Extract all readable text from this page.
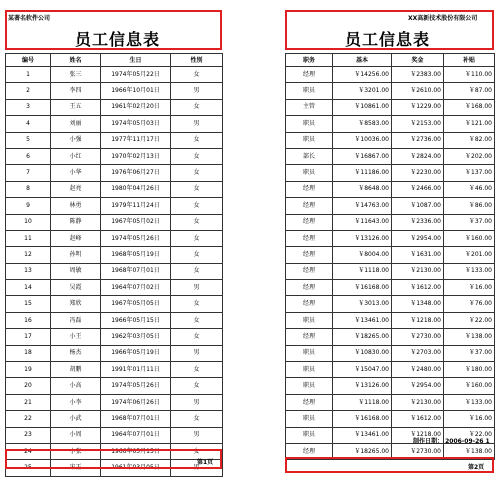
某著名软件公司
员工信息表
编号	姓名	生日	性别
1	张三	1974年05月22日	女
2	李四	1966年10月01日	男
3	王五	1961年02月20日	女
4	刘丽	1974年05月03日	男
5	小强	1977年11月17日	女
6	小红	1970年02月13日	女
7	小华	1976年06月27日	女
8	赵亮	1980年04月26日	女
9	林勇	1979年11月24日	女
10	陈静	1967年05月02日	女
11	赵峰	1974年05月26日	女
12	孙明	1968年05月19日	女
13	周敏	1968年07月01日	女
14	吴霞	1964年07月02日	男
15	郑欣	1967年05月05日	女
16	冯磊	1966年05月15日	女
17	小王	1962年03月05日	女
18	杨杰	1966年05月19日	男
19	胡鹏	1991年01月11日	女
20	小高	1974年05月26日	女
21	小李	1974年06月26日	男
22	小武	1968年07月01日	女
23	小周	1964年07月01日	男
24	小张	1966年05月15日	女
25	宋玉	1961年03月05日	男
第1页
XX高新技术股份有限公司
员工信息表
职务	基本	奖金	补贴
经理	￥14256.00	￥2383.00	￥110.00
职员	￥3201.00	￥2610.00	￥87.00
主管	￥10861.00	￥1229.00	￥168.00
职员	￥8583.00	￥2153.00	￥121.00
职员	￥10036.00	￥2736.00	￥82.00
部长	￥16867.00	￥2824.00	￥202.00
职员	￥11186.00	￥2230.00	￥137.00
经理	￥8648.00	￥2466.00	￥46.00
经理	￥14763.00	￥1087.00	￥86.00
经理	￥11643.00	￥2336.00	￥37.00
经理	￥13126.00	￥2954.00	￥160.00
经理	￥8004.00	￥1631.00	￥201.00
经理	￥1118.00	￥2130.00	￥133.00
经理	￥16168.00	￥1612.00	￥16.00
经理	￥3013.00	￥1348.00	￥76.00
职员	￥13461.00	￥1218.00	￥22.00
经理	￥18265.00	￥2730.00	￥138.00
职员	￥10830.00	￥2703.00	￥37.00
职员	￥15047.00	￥2480.00	￥180.00
职员	￥13126.00	￥2954.00	￥160.00
经理	￥1118.00	￥2130.00	￥133.00
职员	￥16168.00	￥1612.00	￥16.00
职员	￥13461.00	￥1218.00	￥22.00
经理	￥18265.00	￥2730.00	￥138.00
制作日期： 2006-09-26 1
第2页
